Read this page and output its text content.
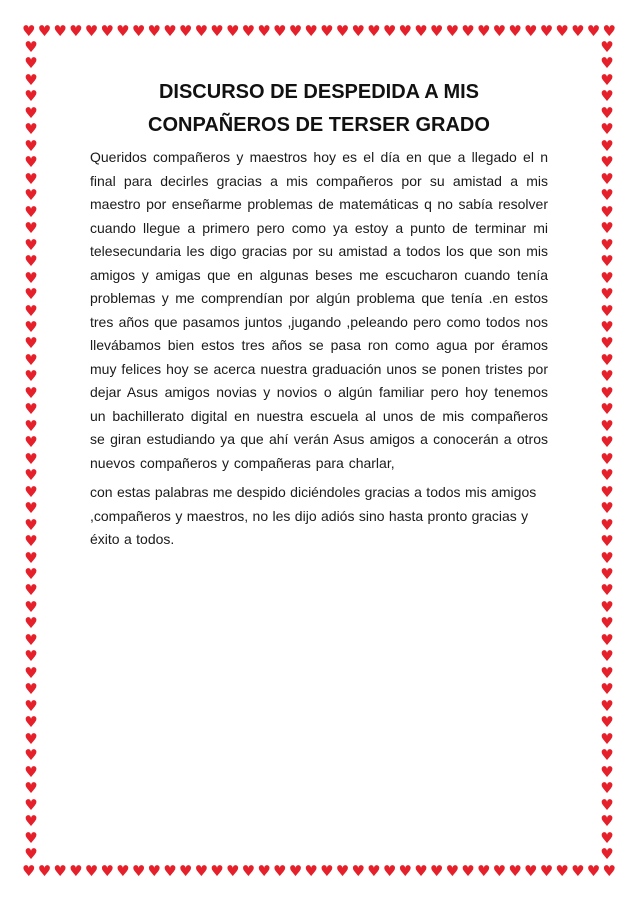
♥ ♥ ♥ ♥ ♥ ♥ ♥ ♥ ♥ ♥ ♥ ♥ ♥ ♥ ♥ ♥ ♥ ♥ ♥ ♥ ♥ ♥ ♥ ♥ ♥ ♥ ♥ ♥ ♥ ♥ ♥ ♥ ♥ ♥ ♥ ♥ ♥ ♥
♥ ♥ ♥ ♥ ♥ ♥ ♥ ♥ ♥ ♥ ♥ ♥ ♥ ♥ ♥ ♥ ♥ ♥ ♥ ♥ ♥ ♥ ♥ ♥ ♥ ♥ ♥ ♥ ♥ ♥ ♥ ♥ ♥ ♥ ♥ ♥ ♥ ♥
♥
♥
♥
♥
♥
♥
♥
♥
♥
♥
♥
♥
♥
♥
♥
♥
♥
♥
♥
♥
♥
♥
♥
♥
♥
♥
♥
♥
♥
♥
♥
♥
♥
♥
♥
♥
♥
♥
♥
♥
♥
♥
♥
♥
♥
♥
♥
♥
♥
♥
♥
♥
♥
♥
♥
♥
♥
♥
♥
♥
♥
♥
♥
♥
♥
♥
♥
♥
♥
♥
♥
♥
♥
♥
♥
♥
♥
♥
♥
♥
♥
♥
♥
♥
♥
♥
♥
♥
♥
♥
♥
♥
♥
♥
♥
♥
♥
♥
♥
♥
DISCURSO DE DESPEDIDA A MIS
CONPAÑEROS DE TERSER GRADO

Queridos compañeros y maestros hoy es el día en que a llegado el n final para decirles gracias a mis compañeros por su amistad a mis maestro por enseñarme problemas de matemáticas q no sabía resolver cuando llegue a primero pero como ya estoy a punto de terminar mi telesecundaria les digo gracias por su amistad a todos los que son mis amigos y amigas que en algunas beses me escucharon cuando tenía problemas y me comprendían por algún problema que tenía .en estos tres años que pasamos juntos ,jugando ,peleando pero como todos nos llevábamos bien estos tres años se pasa ron como agua por éramos muy felices hoy se acerca nuestra graduación unos se ponen tristes por dejar Asus amigos novias y novios o algún familiar pero hoy tenemos un bachillerato digital en nuestra escuela al unos de mis compañeros se giran estudiando ya que ahí verán Asus amigos a conocerán a otros nuevos compañeros y compañeras para charlar,

con estas palabras me despido diciéndoles gracias a todos mis amigos ,compañeros y maestros, no les dijo adiós sino hasta pronto gracias y éxito a todos.
